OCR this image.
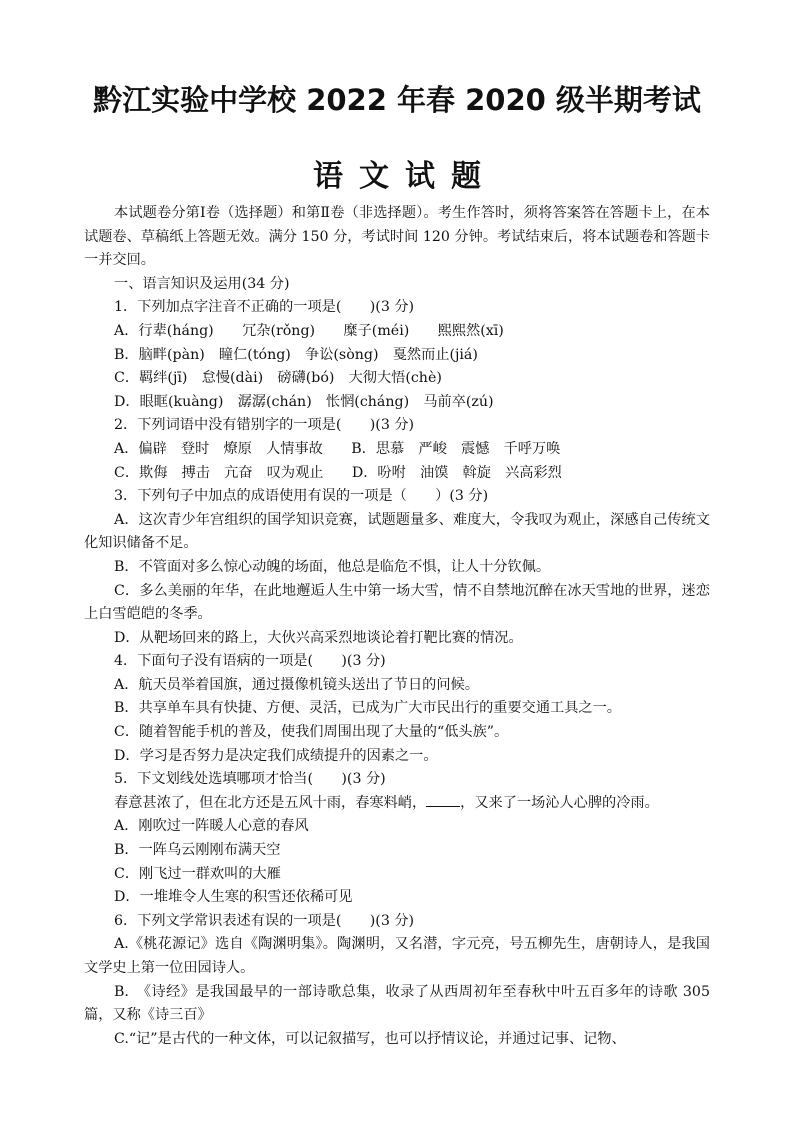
黔江实验中学校 2022 年春 2020 级半期考试
语文试题

本试题卷分第Ⅰ卷（选择题）和第Ⅱ卷（非选择题）。考生作答时，须将答案答在答题卡上，在本试题卷、草稿纸上答题无效。满分 150 分，考试时间 120 分钟。考试结束后，将本试题卷和答题卡一并交回。

一、语言知识及运用(34 分)

1．下列加点字注音不正确的一项是(　　)(3 分)

A．行辈(háng)　　冗杂(rǒng)　　糜子(méi)　　熙熙然(xī)

B．脑畔(pàn)　瞳仁(tóng)　争讼(sòng)　戛然而止(jiá)

C．羁绊(jī)　怠慢(dài)　磅礴(bó)　大彻大悟(chè)

D．眼眶(kuàng)　潺潺(chán)　怅惘(cháng)　马前卒(zú)

2．下列词语中没有错别字的一项是(　　)(3 分)

A．偏辟　登时　燎原　人情事故　　B．思慕　严峻　震憾　千呼万唤

C．欺侮　搏击　亢奋　叹为观止　　D．吩咐　油馍　斡旋　兴高彩烈

3．下列句子中加点的成语使用有误的一项是（　　）(3 分)

A．这次青少年宫组织的国学知识竞赛，试题题量多、难度大，令我叹为观止，深感自己传统文化知识储备不足。

B．不管面对多么惊心动魄的场面，他总是临危不惧，让人十分钦佩。

C．多么美丽的年华，在此地邂逅人生中第一场大雪，情不自禁地沉醉在冰天雪地的世界，迷恋上白雪皑皑的冬季。

D．从靶场回来的路上，大伙兴高采烈地谈论着打靶比赛的情况。

4．下面句子没有语病的一项是(　　)(3 分)

A．航天员举着国旗，通过摄像机镜头送出了节日的问候。

B．共享单车具有快捷、方便、灵活，已成为广大市民出行的重要交通工具之一。

C．随着智能手机的普及，使我们周围出现了大量的“低头族”。

D．学习是否努力是决定我们成绩提升的因素之一。

5．下文划线处选填哪项才恰当(　　)(3 分)

春意甚浓了，但在北方还是五风十雨，春寒料峭， ，又来了一场沁人心脾的冷雨。

A．刚吹过一阵暖人心意的春风

B．一阵乌云刚刚布满天空

C．刚飞过一群欢叫的大雁

D．一堆堆令人生寒的积雪还依稀可见

6．下列文学常识表述有误的一项是(　　)(3 分)

A.《桃花源记》选自《陶渊明集》。陶渊明，又名潜，字元亮，号五柳先生，唐朝诗人，是我国文学史上第一位田园诗人。

B.　《诗经》是我国最早的一部诗歌总集，收录了从西周初年至春秋中叶五百多年的诗歌 305 篇，又称《诗三百》

C.“记”是古代的一种文体，可以记叙描写，也可以抒情议论，并通过记事、记物、
